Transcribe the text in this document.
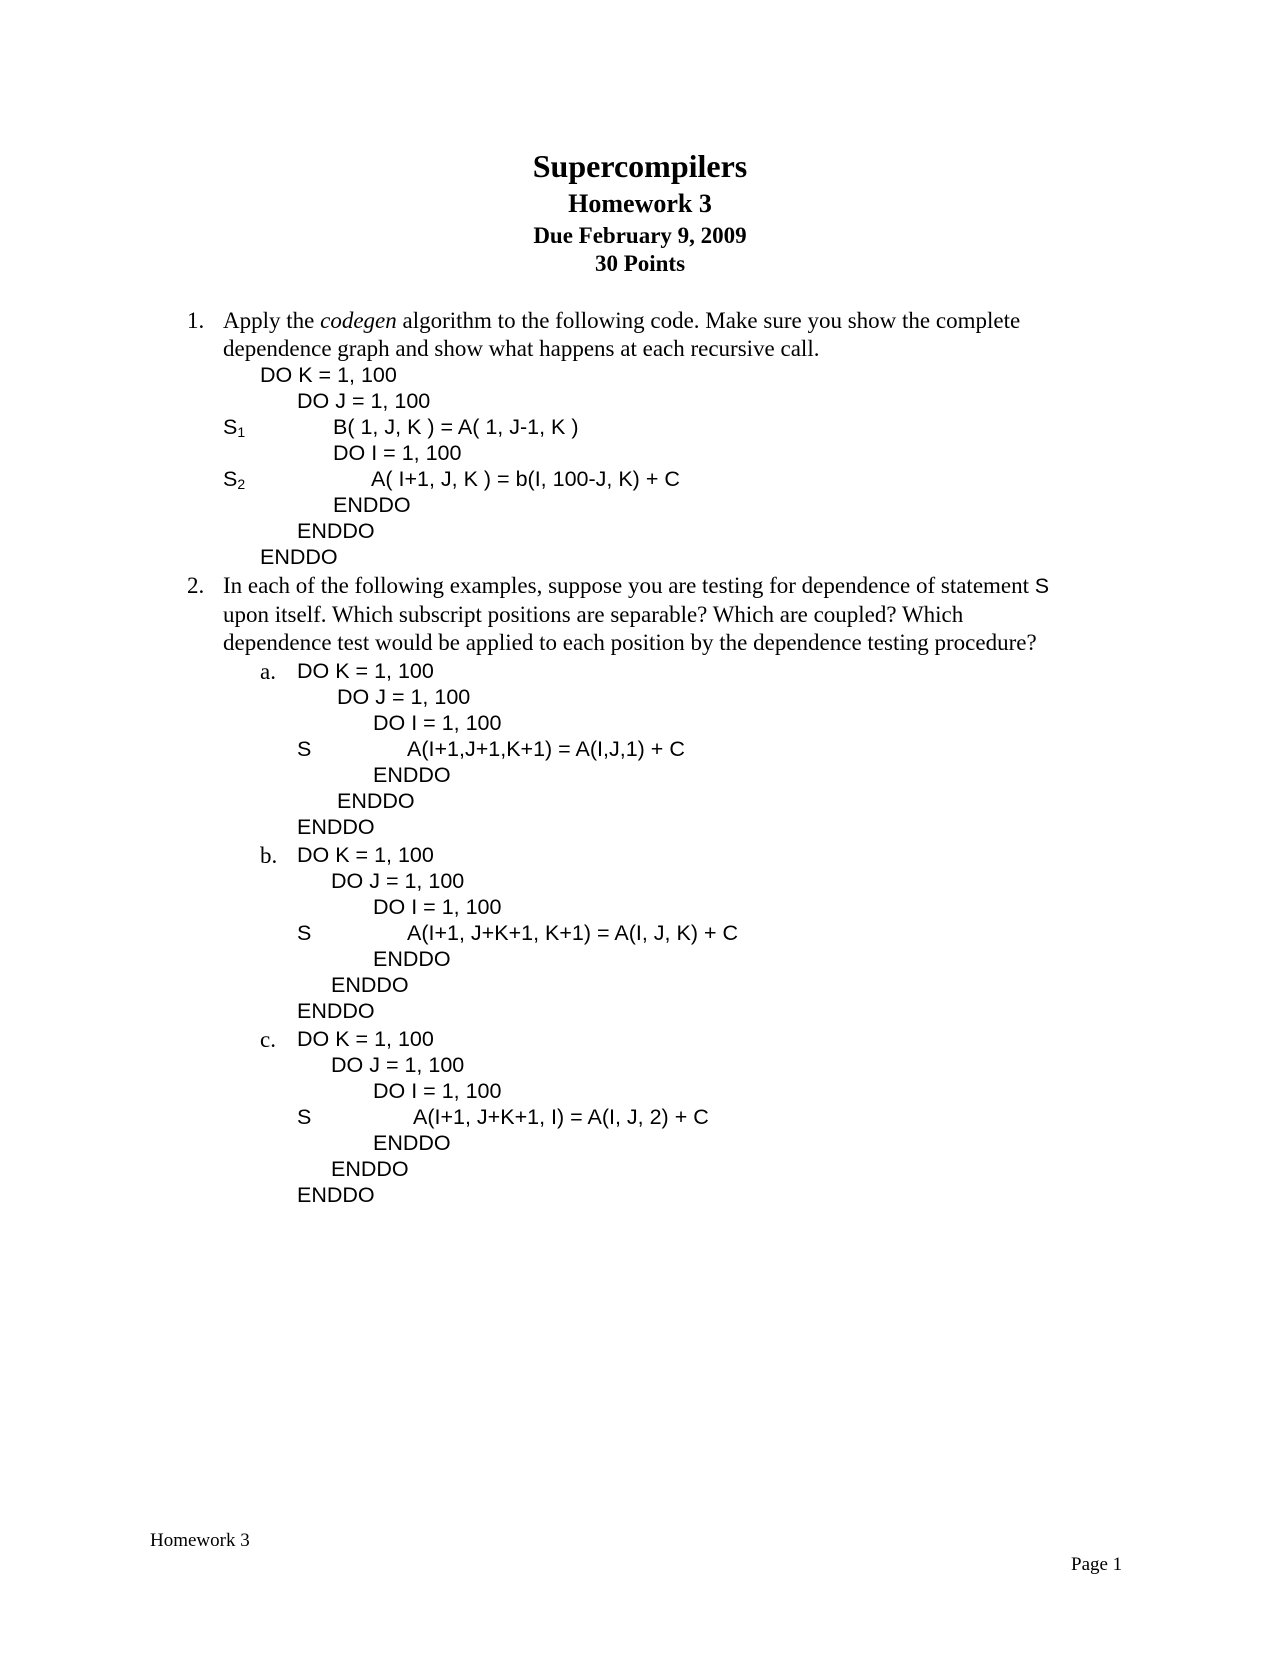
Supercompilers
Homework 3
Due February 9, 2009
30 Points
1. Apply the codegen algorithm to the following code. Make sure you show the complete
dependence graph and show what happens at each recursive call.
DO K = 1, 100
DO J = 1, 100
$S_1$	B( 1, J, K ) = A( 1, J-1, K )
DO I = 1, 100
$S_2$	A( I+1, J, K ) = b(I, 100-J, K) + C
ENDDO
ENDDO
ENDDO
2. In each of the following examples, suppose you are testing for dependence of statement S
upon itself. Which subscript positions are separable? Which are coupled? Which
dependence test would be applied to each position by the dependence testing procedure?
a. DO K = 1, 100
DO J = 1, 100
DO I = 1, 100
S	A(I+1,J+1,K+1) = A(I,J,1) + C
ENDDO
ENDDO
ENDDO
b. DO K = 1, 100
DO J = 1, 100
DO I = 1, 100
S	A(I+1, J+K+1, K+1) = A(I, J, K) + C
ENDDO
ENDDO
ENDDO
c. DO K = 1, 100
DO J = 1, 100
DO I = 1, 100
S	A(I+1, J+K+1, I) = A(I, J, 2) + C
ENDDO
ENDDO
ENDDO
Homework 3
Page 1
